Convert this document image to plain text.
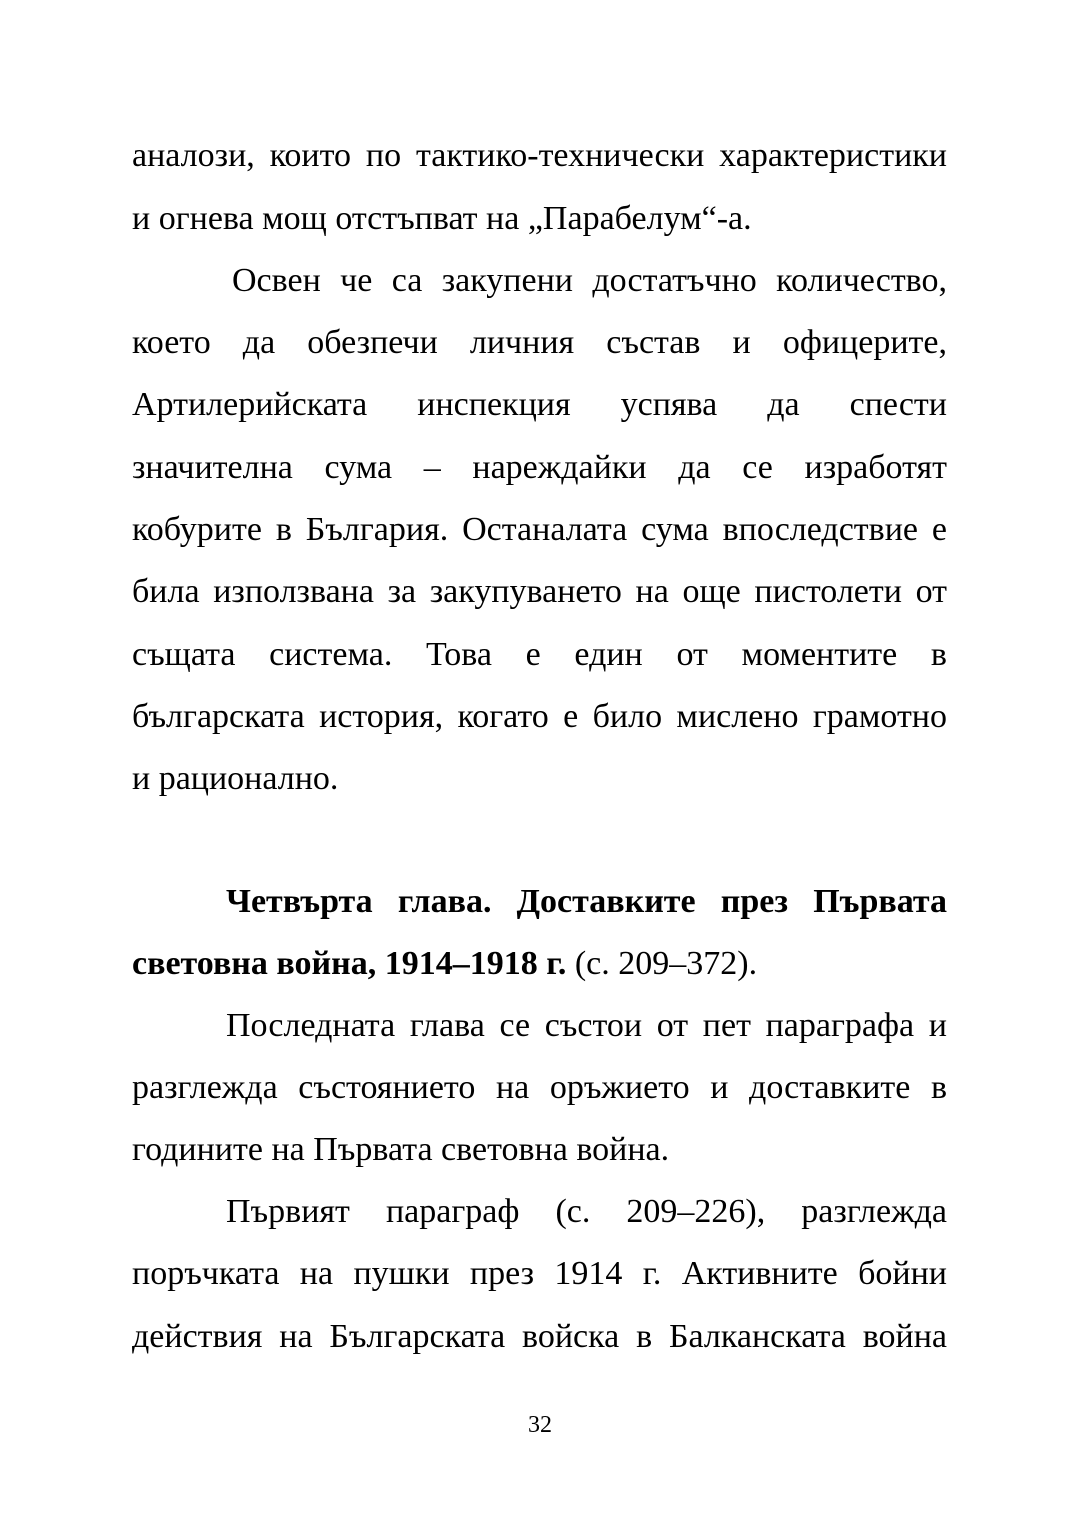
аналози, които по тактико-технически характеристики
и огнева мощ отстъпват на „Парабелум“-а.
Освен че са закупени достатъчно количество,
което да обезпечи личния състав и офицерите,
Артилерийската инспекция успява да спести
значителна сума – нареждайки да се изработят
кобурите в България. Останалата сума впоследствие е
била използвана за закупуването на още пистолети от
същата система. Това е един от моментите в
българската история, когато е било мислено грамотно
и рационално.
Четвърта глава. Доставките през Първата
световна война, 1914–1918 г. (с. 209–372).
Последната глава се състои от пет параграфа и
разглежда състоянието на оръжието и доставките в
годините на Първата световна война.
Първият параграф (с. 209–226), разглежда
поръчката на пушки през 1914 г. Активните бойни
действия на Българската войска в Балканската война
32
